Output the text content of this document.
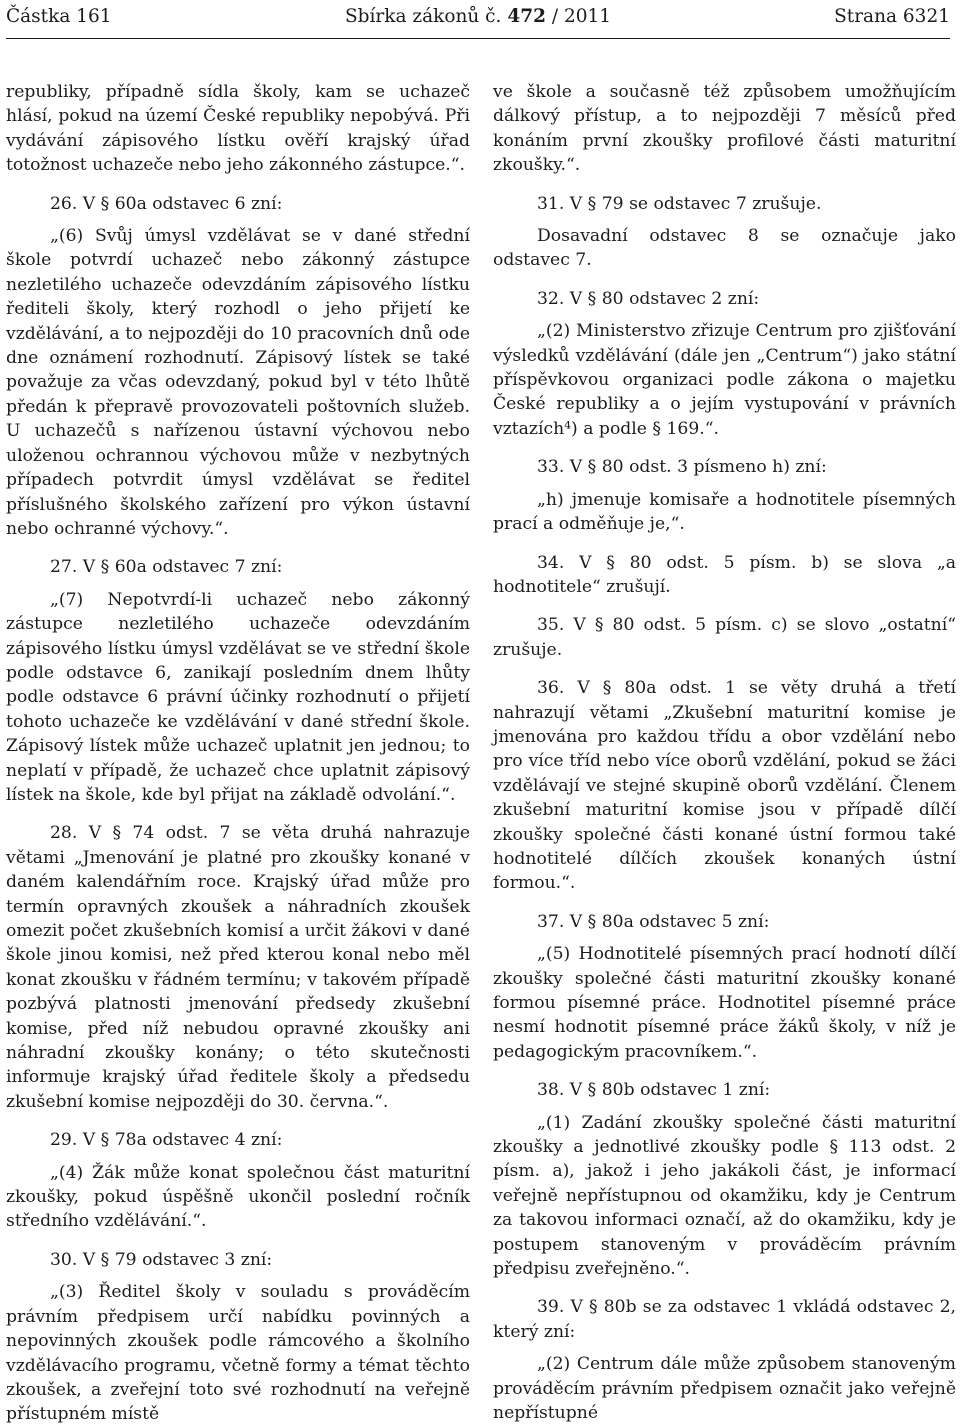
Částka 161	Sbírka zákonů č. 472 / 2011	Strana 6321

republiky, případně sídla školy, kam se uchazeč hlásí, pokud na území České republiky nepobývá. Při vydávání zápisového lístku ověří krajský úřad totožnost uchazeče nebo jeho zákonného zástupce.“.

26. V § 60a odstavec 6 zní:

„(6) Svůj úmysl vzdělávat se v dané střední škole potvrdí uchazeč nebo zákonný zástupce nezletilého uchazeče odevzdáním zápisového lístku řediteli školy, který rozhodl o jeho přijetí ke vzdělávání, a to nejpozději do 10 pracovních dnů ode dne oznámení rozhodnutí. Zápisový lístek se také považuje za včas odevzdaný, pokud byl v této lhůtě předán k přepravě provozovateli poštovních služeb. U uchazečů s nařízenou ústavní výchovou nebo uloženou ochrannou výchovou může v nezbytných případech potvrdit úmysl vzdělávat se ředitel příslušného školského zařízení pro výkon ústavní nebo ochranné výchovy.“.

27. V § 60a odstavec 7 zní:

„(7) Nepotvrdí-li uchazeč nebo zákonný zástupce nezletilého uchazeče odevzdáním zápisového lístku úmysl vzdělávat se ve střední škole podle odstavce 6, zanikají posledním dnem lhůty podle odstavce 6 právní účinky rozhodnutí o přijetí tohoto uchazeče ke vzdělávání v dané střední škole. Zápisový lístek může uchazeč uplatnit jen jednou; to neplatí v případě, že uchazeč chce uplatnit zápisový lístek na škole, kde byl přijat na základě odvolání.“.

28. V § 74 odst. 7 se věta druhá nahrazuje větami „Jmenování je platné pro zkoušky konané v daném kalendářním roce. Krajský úřad může pro termín opravných zkoušek a náhradních zkoušek omezit počet zkušebních komisí a určit žákovi v dané škole jinou komisi, než před kterou konal nebo měl konat zkoušku v řádném termínu; v takovém případě pozbývá platnosti jmenování předsedy zkušební komise, před níž nebudou opravné zkoušky ani náhradní zkoušky konány; o této skutečnosti informuje krajský úřad ředitele školy a předsedu zkušební komise nejpozději do 30. června.“.

29. V § 78a odstavec 4 zní:

„(4) Žák může konat společnou část maturitní zkoušky, pokud úspěšně ukončil poslední ročník středního vzdělávání.“.

30. V § 79 odstavec 3 zní:

„(3) Ředitel školy v souladu s prováděcím právním předpisem určí nabídku povinných a nepovinných zkoušek podle rámcového a školního vzdělávacího programu, včetně formy a témat těchto zkoušek, a zveřejní toto své rozhodnutí na veřejně přístupném místě

ve škole a současně též způsobem umožňujícím dálkový přístup, a to nejpozději 7 měsíců před konáním první zkoušky profilové části maturitní zkoušky.“.

31. V § 79 se odstavec 7 zrušuje.

Dosavadní odstavec 8 se označuje jako odstavec 7.

32. V § 80 odstavec 2 zní:

„(2) Ministerstvo zřizuje Centrum pro zjišťování výsledků vzdělávání (dále jen „Centrum“) jako státní příspěvkovou organizaci podle zákona o majetku České republiky a o jejím vystupování v právních vztazích⁴) a podle § 169.“.

33. V § 80 odst. 3 písmeno h) zní:

„h) jmenuje komisaře a hodnotitele písemných prací a odměňuje je,“.

34. V § 80 odst. 5 písm. b) se slova „a hodnotitele“ zrušují.

35. V § 80 odst. 5 písm. c) se slovo „ostatní“ zrušuje.

36. V § 80a odst. 1 se věty druhá a třetí nahrazují větami „Zkušební maturitní komise je jmenována pro každou třídu a obor vzdělání nebo pro více tříd nebo více oborů vzdělání, pokud se žáci vzdělávají ve stejné skupině oborů vzdělání. Členem zkušební maturitní komise jsou v případě dílčí zkoušky společné části konané ústní formou také hodnotitelé dílčích zkoušek konaných ústní formou.“.

37. V § 80a odstavec 5 zní:

„(5) Hodnotitelé písemných prací hodnotí dílčí zkoušky společné části maturitní zkoušky konané formou písemné práce. Hodnotitel písemné práce nesmí hodnotit písemné práce žáků školy, v níž je pedagogickým pracovníkem.“.

38. V § 80b odstavec 1 zní:

„(1) Zadání zkoušky společné části maturitní zkoušky a jednotlivé zkoušky podle § 113 odst. 2 písm. a), jakož i jeho jakákoli část, je informací veřejně nepřístupnou od okamžiku, kdy je Centrum za takovou informaci označí, až do okamžiku, kdy je postupem stanoveným v prováděcím právním předpisu zveřejněno.“.

39. V § 80b se za odstavec 1 vkládá odstavec 2, který zní:

„(2) Centrum dále může způsobem stanoveným prováděcím právním předpisem označit jako veřejně nepřístupné
